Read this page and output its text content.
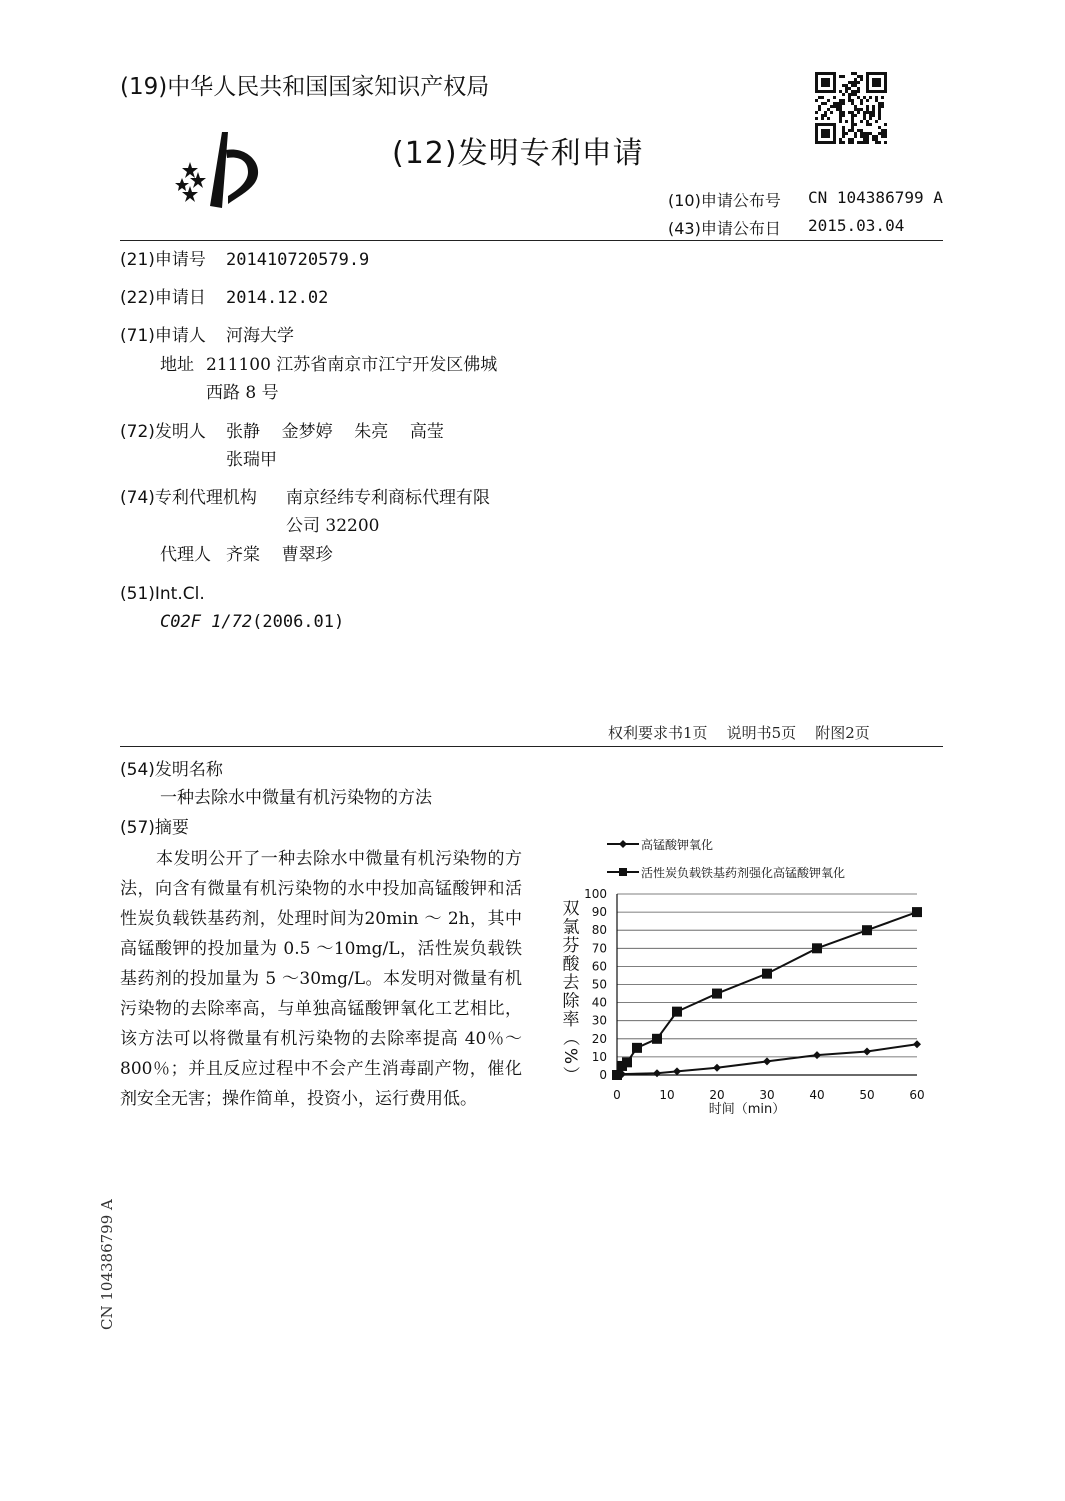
(19)中华人民共和国国家知识产权局
(12)发明专利申请
(10)申请公布号 CN 104386799 A
(43)申请公布日 2015.03.04
(21)申请号 201410720579.9
(22)申请日 2014.12.02
(71)申请人 河海大学
地址 211100 江苏省南京市江宁开发区佛城
西路 8 号
(72)发明人 张静    金梦婷    朱亮    高莹
张瑞甲
(74)专利代理机构 南京经纬专利商标代理有限
公司 32200
代理人 齐棠    曹翠珍
(51)Int.Cl.
C02F 1/72(2006.01)
权利要求书1页    说明书5页    附图2页
(54)发明名称
一种去除水中微量有机污染物的方法
(57)摘要
本发明公开了一种去除水中微量有机污染物的方法，向含有微量有机污染物的水中投加高锰酸钾和活性炭负载铁基药剂，处理时间为20min ～ 2h，其中高锰酸钾的投加量为 0.5 ～10mg/L，活性炭负载铁基药剂的投加量为 5 ～30mg/L。本发明对微量有机污染物的去除率高，与单独高锰酸钾氧化工艺相比，该方法可以将微量有机污染物的去除率提高 40％～ 800％；并且反应过程中不会产生消毒副产物，催化剂安全无害；操作简单，投资小，运行费用低。
CN 104386799 A
高锰酸钾氧化
活性炭负载铁基药剂强化高锰酸钾氧化
双
氯
芬
酸
去
除
率
（
%
） 0
10
20
30
40
50
60
70
80
90
100
0	10	20	30	40	50	60
时间（min）
